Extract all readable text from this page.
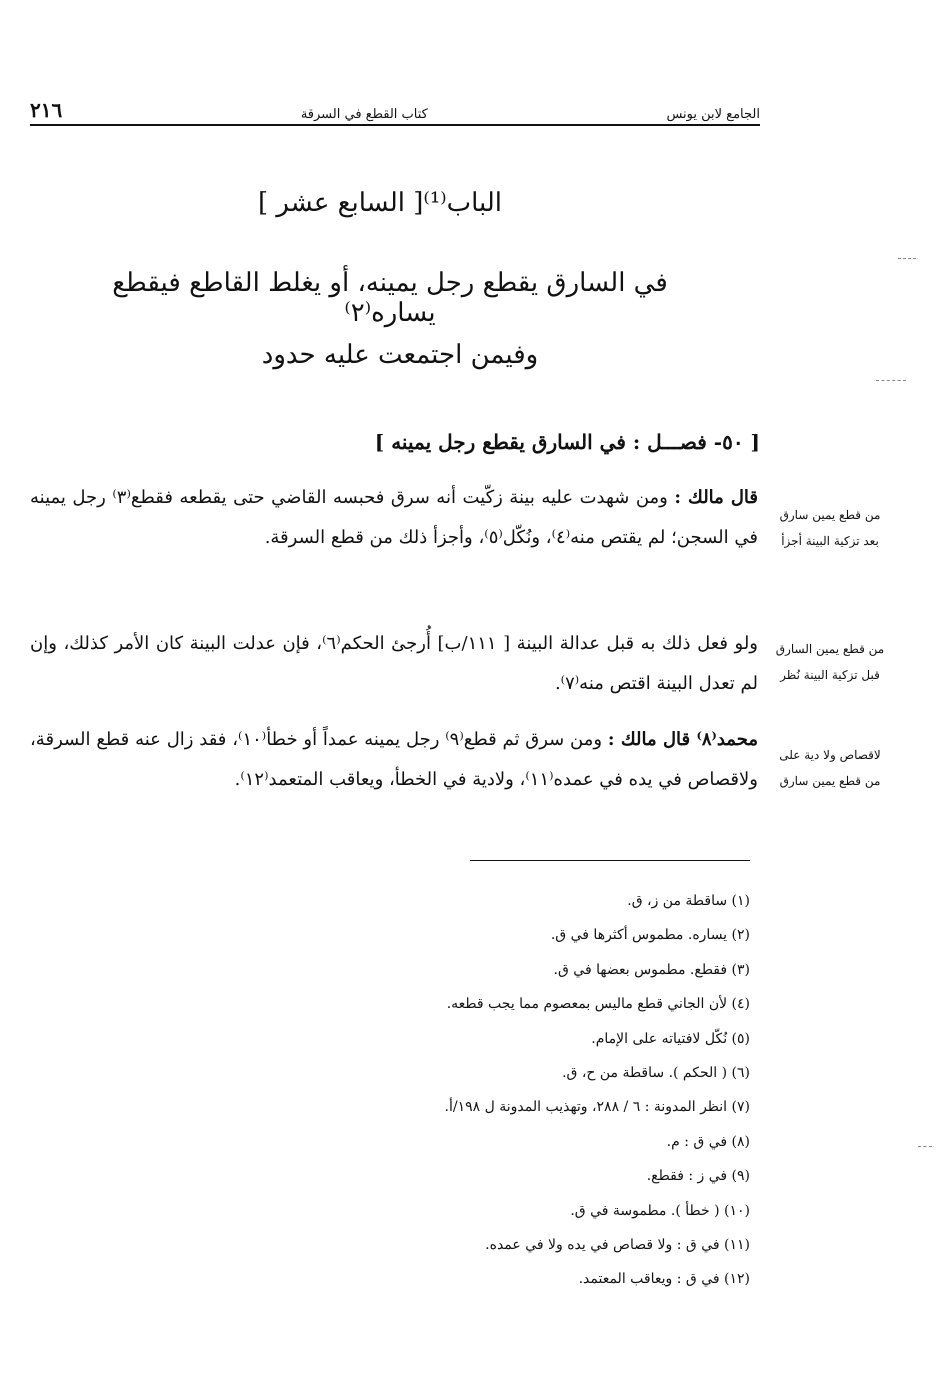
٢١٦	كتاب القطع في السرقة	الجامع لابن يونس
الباب⁽¹⁾[ السابع عشر ]
في السارق يقطع رجل يمينه، أو يغلط القاطع فيقطع يساره⁽٢⁾
وفيمن اجتمعت عليه حدود
[ ٥٠- فصـــل : في السارق يقطع رجل يمينه ]
قال مالك : ومن شهدت عليه بينة زكّيت أنه سرق فحبسه القاضي حتى يقطعه فقطع⁽٣⁾ رجل يمينه في السجن؛ لم يقتص منه⁽٤⁾، ونُكّل⁽٥⁾، وأجزأ ذلك من قطع السرقة.
ولو فعل ذلك به قبل عدالة البينة [ ١١١/ب] أُرجئ الحكم⁽٦⁾، فإن عدلت البينة كان الأمر كذلك، وإن لم تعدل البينة اقتص منه⁽٧⁾.
محمد⁽٨⁾ قال مالك : ومن سرق ثم قطع⁽٩⁾ رجل يمينه عمداً أو خطأ⁽١٠⁾، فقد زال عنه قطع السرقة، ولاقصاص في يده في عمده⁽١١⁾، ولادية في الخطأ، ويعاقب المتعمد⁽١٢⁾.
من قطع يمين سارق بعد تزكية البينة أجزأ
من قطع يمين السارق قبل تزكية البينة نُظر
لاقصاص ولا دية على من قطع يمين سارق
(١) ساقطة من ز، ق.
(٢) يساره. مطموس أكثرها في ق.
(٣) فقطع. مطموس بعضها في ق.
(٤) لأن الجاني قطع ماليس بمعصوم مما يجب قطعه.
(٥) نُكّل لافتياته على الإمام.
(٦) ( الحكم ). ساقطة من ح، ق.
(٧) انظر المدونة : ٦ / ٢٨٨، وتهذيب المدونة ل ١٩٨/أ.
(٨) في ق : م.
(٩) في ز : فقطع.
(١٠) ( خطأ ). مطموسة في ق.
(١١) في ق : ولا قصاص في يده ولا في عمده.
(١٢) في ق : ويعاقب المعتمد.
